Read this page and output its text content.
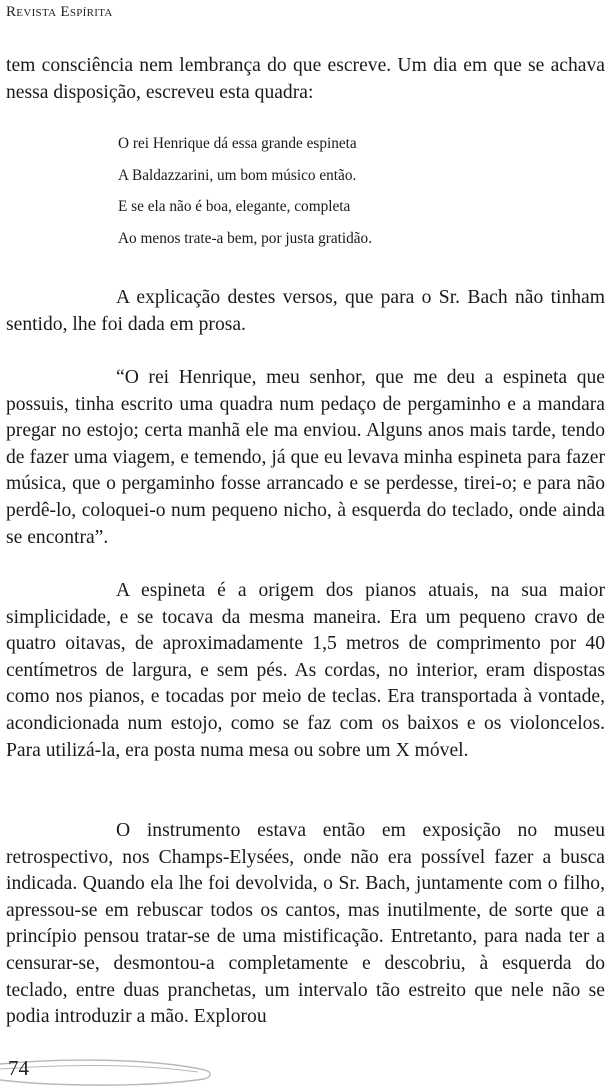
Revista Espírita
tem consciência nem lembrança do que escreve. Um dia em que se achava nessa disposição, escreveu esta quadra:
O rei Henrique dá essa grande espineta
A Baldazzarini, um bom músico então.
E se ela não é boa, elegante, completa
Ao menos trate-a bem, por justa gratidão.
A explicação destes versos, que para o Sr. Bach não tinham sentido, lhe foi dada em prosa.
“O rei Henrique, meu senhor, que me deu a espineta que possuis, tinha escrito uma quadra num pedaço de pergaminho e a mandara pregar no estojo; certa manhã ele ma enviou. Alguns anos mais tarde, tendo de fazer uma viagem, e temendo, já que eu levava minha espineta para fazer música, que o pergaminho fosse arrancado e se perdesse, tirei-o; e para não perdê-lo, coloquei-o num pequeno nicho, à esquerda do teclado, onde ainda se encontra”.
A espineta é a origem dos pianos atuais, na sua maior simplicidade, e se tocava da mesma maneira. Era um pequeno cravo de quatro oitavas, de aproximadamente 1,5 metros de comprimento por 40 centímetros de largura, e sem pés. As cordas, no interior, eram dispostas como nos pianos, e tocadas por meio de teclas. Era transportada à vontade, acondicionada num estojo, como se faz com os baixos e os violoncelos. Para utilizá-la, era posta numa mesa ou sobre um X móvel.
O instrumento estava então em exposição no museu retrospectivo, nos Champs-Elysées, onde não era possível fazer a busca indicada. Quando ela lhe foi devolvida, o Sr. Bach, juntamente com o filho, apressou-se em rebuscar todos os cantos, mas inutilmente, de sorte que a princípio pensou tratar-se de uma mistificação. Entretanto, para nada ter a censurar-se, desmontou-a completamente e descobriu, à esquerda do teclado, entre duas pranchetas, um intervalo tão estreito que nele não se podia introduzir a mão. Explorou
74
